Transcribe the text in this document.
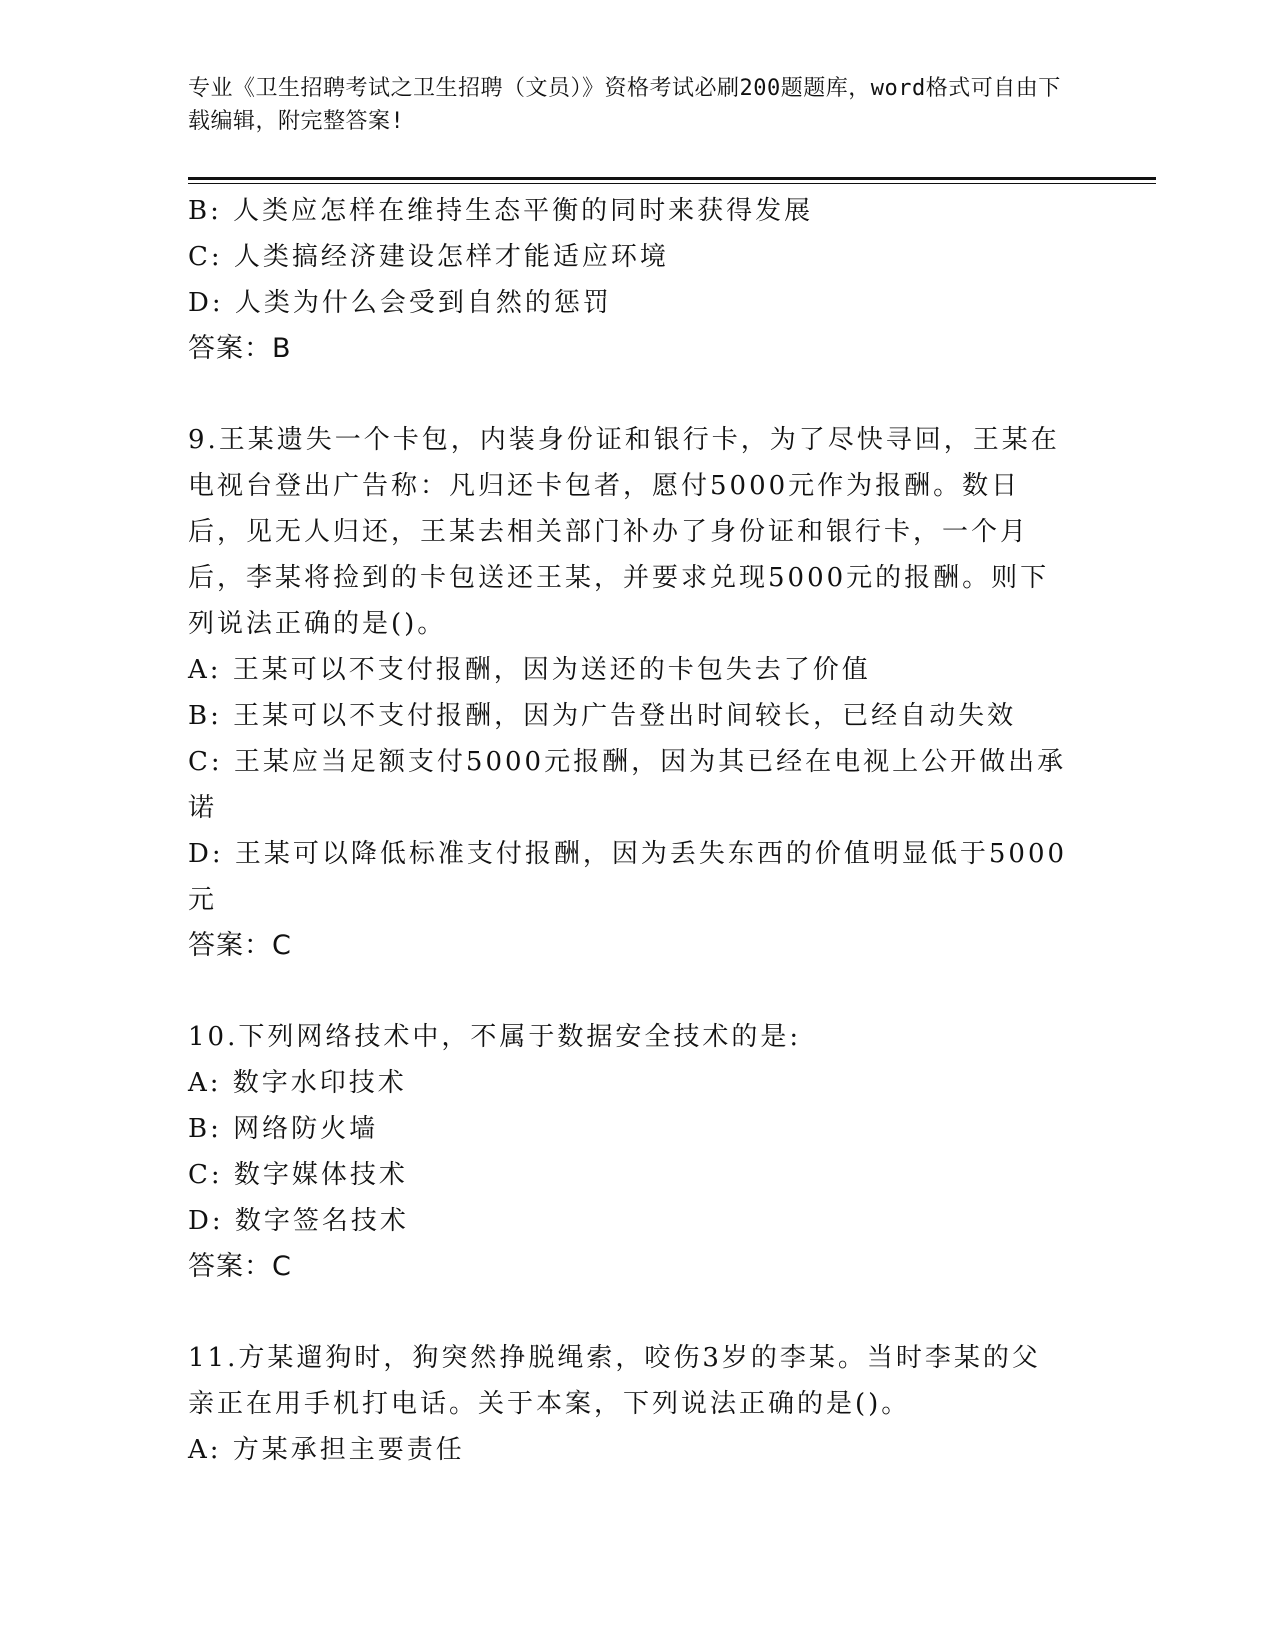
专业《卫生招聘考试之卫生招聘（文员）》资格考试必刷200题题库，word格式可自由下载编辑，附完整答案!

B: 人类应怎样在维持生态平衡的同时来获得发展

C: 人类搞经济建设怎样才能适应环境

D: 人类为什么会受到自然的惩罚

答案：B

9.王某遗失一个卡包，内装身份证和银行卡，为了尽快寻回，王某在电视台登出广告称：凡归还卡包者，愿付5000元作为报酬。数日后，见无人归还，王某去相关部门补办了身份证和银行卡，一个月后，李某将捡到的卡包送还王某，并要求兑现5000元的报酬。则下列说法正确的是()。

A: 王某可以不支付报酬，因为送还的卡包失去了价值

B: 王某可以不支付报酬，因为广告登出时间较长，已经自动失效

C: 王某应当足额支付5000元报酬，因为其已经在电视上公开做出承诺

D: 王某可以降低标准支付报酬，因为丢失东西的价值明显低于5000元

答案：C

10.下列网络技术中，不属于数据安全技术的是:

A: 数字水印技术

B: 网络防火墙

C: 数字媒体技术

D: 数字签名技术

答案：C

11.方某遛狗时，狗突然挣脱绳索，咬伤3岁的李某。当时李某的父亲正在用手机打电话。关于本案，下列说法正确的是()。

A: 方某承担主要责任
